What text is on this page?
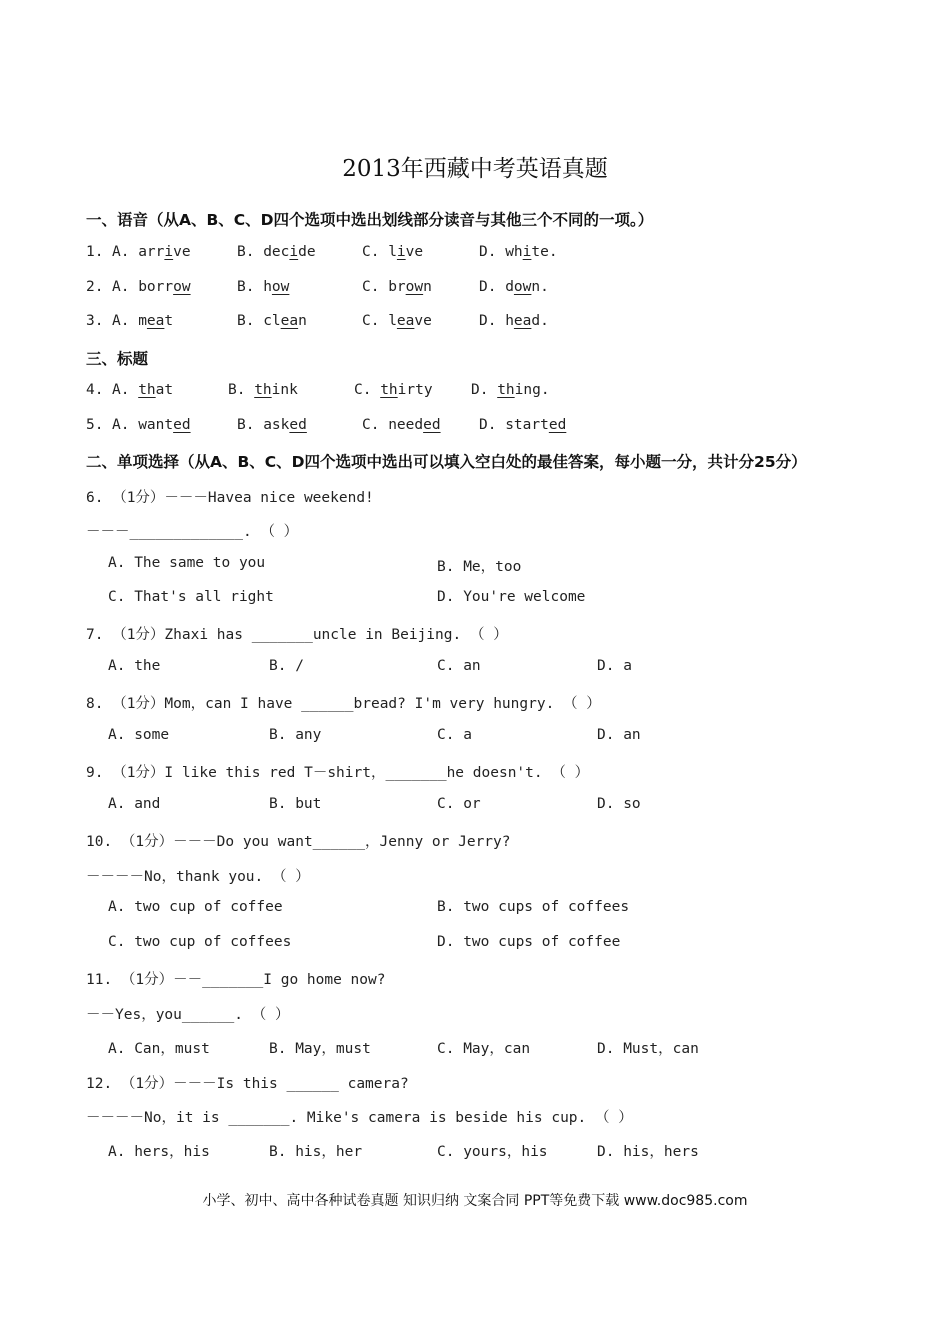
2013年西藏中考英语真题
一、语音（从A、B、C、D四个选项中选出划线部分读音与其他三个不同的一项。）
1. A. arrive	B. decide	C. live	D. white.
2. A. borrow	B. how	C. brown	D. down.
3. A. meat	B. clean	C. leave	D. head.
三、标题
4. A. that	B. think	C. thirty	D. thing.
5. A. wanted	B. asked	C. needed	D. started
二、单项选择（从A、B、C、D四个选项中选出可以填入空白处的最佳答案，每小题一分，共计分25分）
6. （1分）－－－Havea nice weekend!
－－－_____________. （ ）
A. The same to you	B. Me，too
C. That's all right	D. You're welcome
7. （1分）Zhaxi has _______uncle in Beijing. （ ）
A. the	B. /	C. an	D. a
8. （1分）Mom，can I have ______bread? I'm very hungry. （ ）
A. some	B. any	C. a	D. an
9. （1分）I like this red T－shirt，_______he doesn't. （ ）
A. and	B. but	C. or	D. so
10. （1分）－－－Do you want______，Jenny or Jerry?
－－－－No，thank you. （ ）
A. two cup of coffee	B. two cups of coffees
C. two cup of coffees	D. two cups of coffee
11. （1分）－－_______I go home now?
－－Yes，you______. （ ）
A. Can，must	B. May，must	C. May，can	D. Must，can
12. （1分）－－－Is this ______ camera?
－－－－No，it is _______. Mike's camera is beside his cup. （ ）
A. hers，his	B. his，her	C. yours，his	D. his，hers
小学、初中、高中各种试卷真题 知识归纳 文案合同 PPT等免费下载 www.doc985.com
